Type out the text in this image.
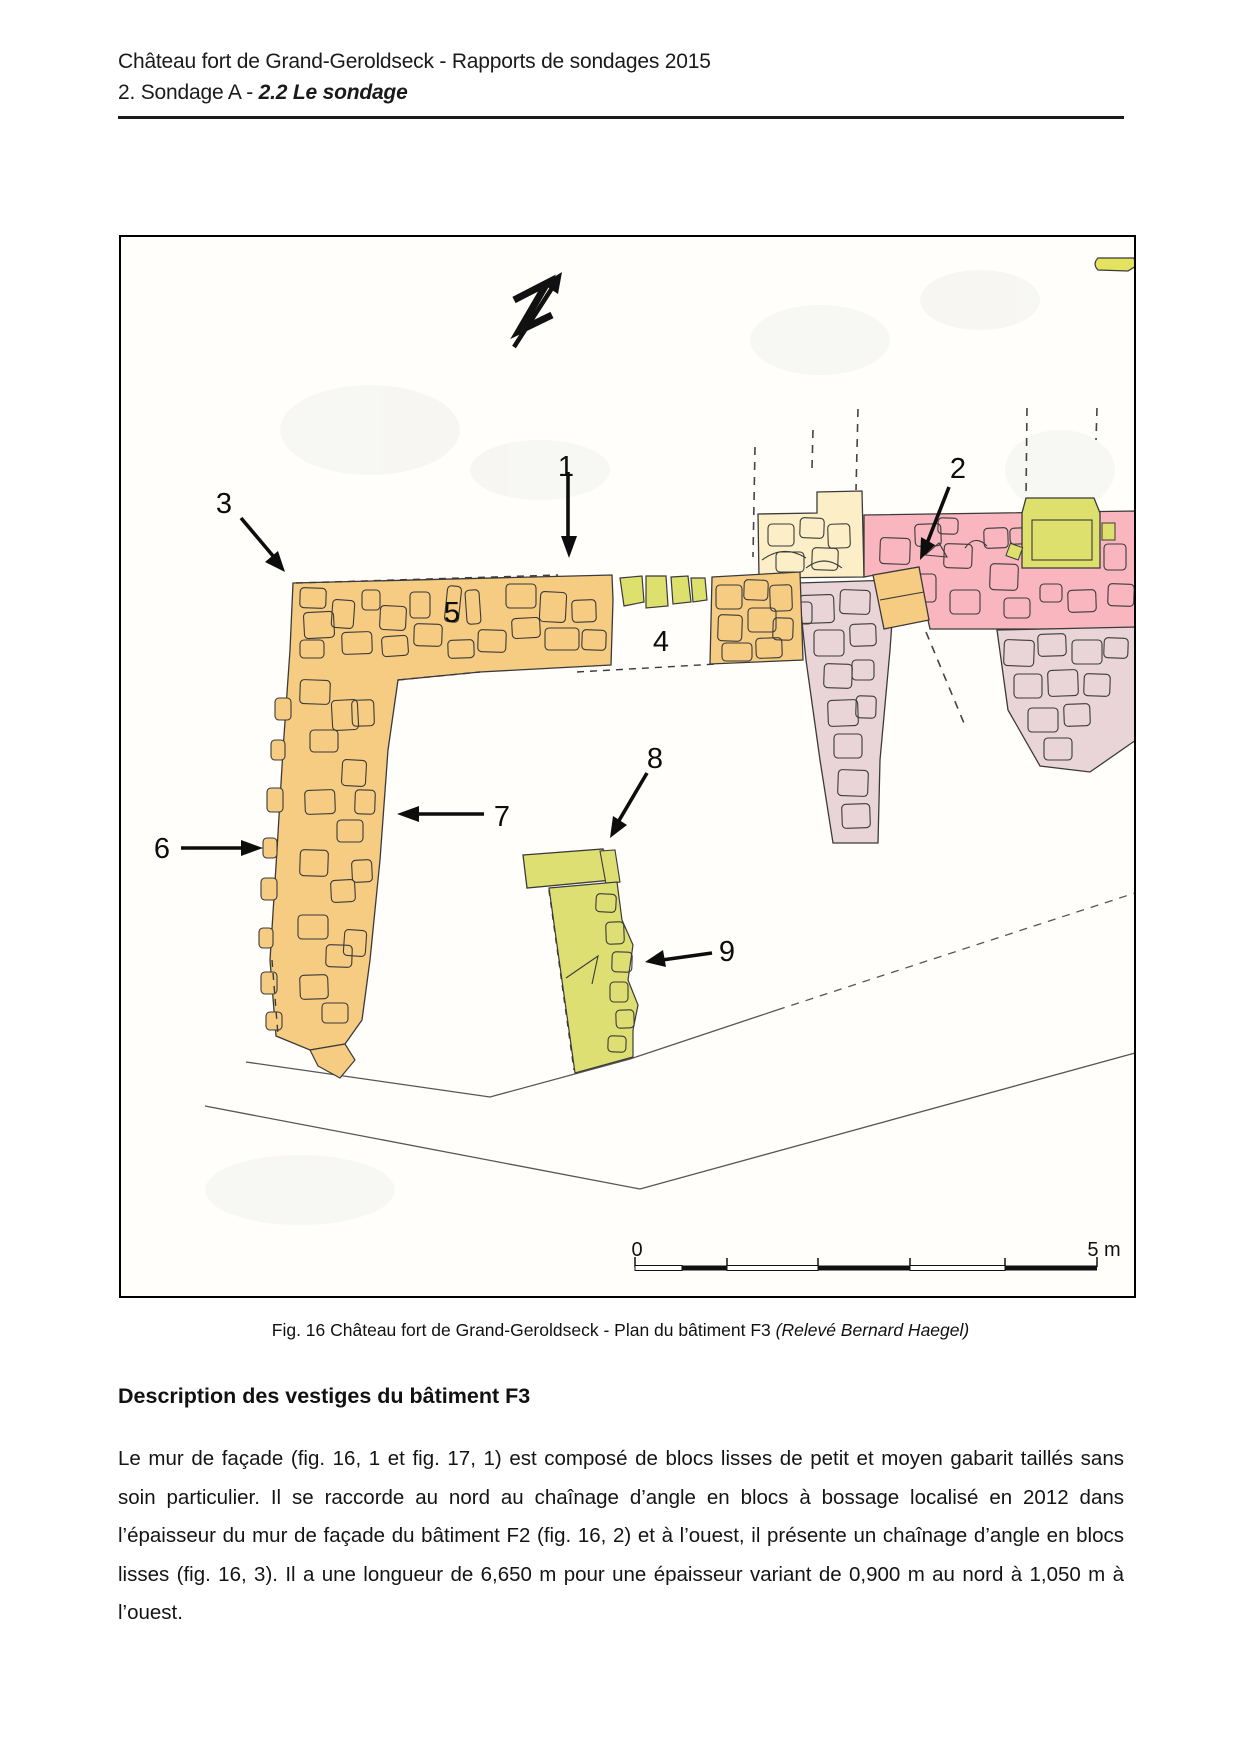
Château fort de Grand-Geroldseck - Rapports de sondages 2015
2. Sondage A - 2.2 Le sondage
1	2
3
4
5
6
7
8
9
0	5 m
Fig. 16 Château fort de Grand-Geroldseck - Plan du bâtiment F3 (Relevé Bernard Haegel)
Description des vestiges du bâtiment F3
Le mur de façade (fig. 16, 1 et fig. 17, 1) est composé de blocs lisses de petit et moyen gabarit taillés sans soin particulier. Il se raccorde au nord au chaînage d’angle en blocs à bossage localisé en 2012 dans l’épaisseur du mur de façade du bâtiment F2 (fig. 16, 2) et à l’ouest, il présente un chaînage d’angle en blocs lisses (fig. 16, 3). Il a une longueur de 6,650 m pour une épaisseur variant de 0,900 m au nord à 1,050 m à l’ouest.
